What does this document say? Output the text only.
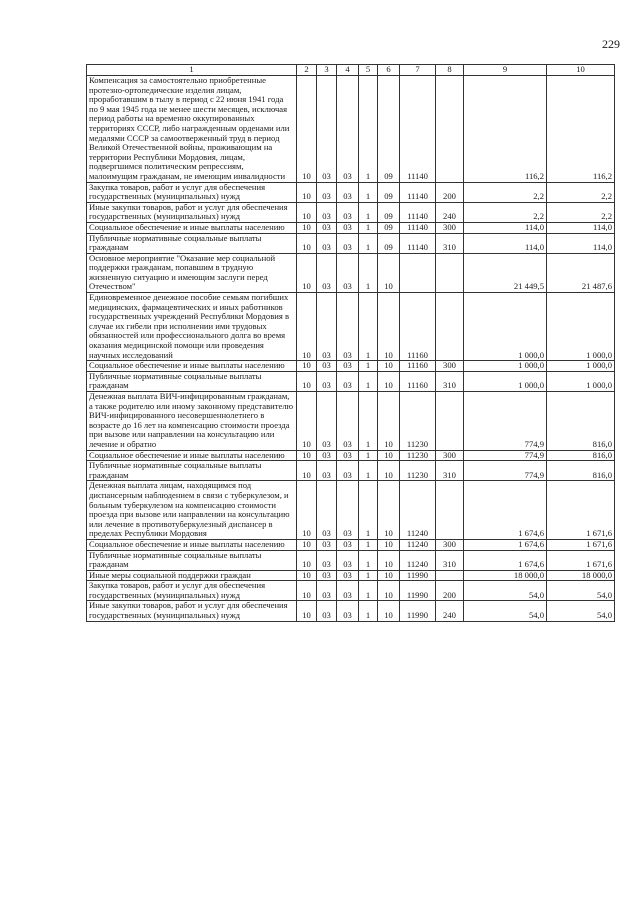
229
1	2	3	4	5	6	7	8	9	10
Компенсация за самостоятельно приобретенные протезно-ортопедические изделия лицам, проработавшим в тылу в период с 22 июня 1941 года по 9 мая 1945 года не менее шести месяцев, исключая период работы на временно оккупированных территориях СССР, либо награжденным орденами или медалями СССР за самоотверженный труд в период Великой Отечественной войны, проживающим на территории Республики Мордовия, лицам, подвергшимся политическим репрессиям, малоимущим гражданам, не имеющим инвалидности	10	03	03	1	09	11140		116,2	116,2
Закупка товаров, работ и услуг для обеспечения государственных (муниципальных) нужд	10	03	03	1	09	11140	200	2,2	2,2
Иные закупки товаров, работ и услуг для обеспечения государственных (муниципальных) нужд	10	03	03	1	09	11140	240	2,2	2,2
Социальное обеспечение и иные выплаты населению	10	03	03	1	09	11140	300	114,0	114,0
Публичные нормативные социальные выплаты гражданам	10	03	03	1	09	11140	310	114,0	114,0
Основное мероприятие "Оказание мер социальной поддержки гражданам, попавшим в трудную жизненную ситуацию и имеющим заслуги перед Отечеством"	10	03	03	1	10			21 449,5	21 487,6
Единовременное денежное пособие семьям погибших медицинских, фармацевтических и иных работников государственных учреждений Республики Мордовия в случае их гибели при исполнении ими трудовых обязанностей или профессионального долга во время оказания медицинской помощи или проведения научных исследований	10	03	03	1	10	11160		1 000,0	1 000,0
Социальное обеспечение и иные выплаты населению	10	03	03	1	10	11160	300	1 000,0	1 000,0
Публичные нормативные социальные выплаты гражданам	10	03	03	1	10	11160	310	1 000,0	1 000,0
Денежная выплата ВИЧ-инфицированным гражданам, а также родителю или иному законному представителю ВИЧ-инфицированного несовершеннолетнего в возрасте до 16 лет на компенсацию стоимости проезда при вызове или направлении на консультацию или лечение и обратно	10	03	03	1	10	11230		774,9	816,0
Социальное обеспечение и иные выплаты населению	10	03	03	1	10	11230	300	774,9	816,0
Публичные нормативные социальные выплаты гражданам	10	03	03	1	10	11230	310	774,9	816,0
Денежная выплата лицам, находящимся под диспансерным наблюдением в связи с туберкулезом, и больным туберкулезом на компенсацию стоимости проезда при вызове или направлении на консультацию или лечение в противотуберкулезный диспансер в пределах Республики Мордовия	10	03	03	1	10	11240		1 674,6	1 671,6
Социальное обеспечение и иные выплаты населению	10	03	03	1	10	11240	300	1 674,6	1 671,6
Публичные нормативные социальные выплаты гражданам	10	03	03	1	10	11240	310	1 674,6	1 671,6
Иные меры социальной поддержки граждан	10	03	03	1	10	11990		18 000,0	18 000,0
Закупка товаров, работ и услуг для обеспечения государственных (муниципальных) нужд	10	03	03	1	10	11990	200	54,0	54,0
Иные закупки товаров, работ и услуг для обеспечения государственных (муниципальных) нужд	10	03	03	1	10	11990	240	54,0	54,0
